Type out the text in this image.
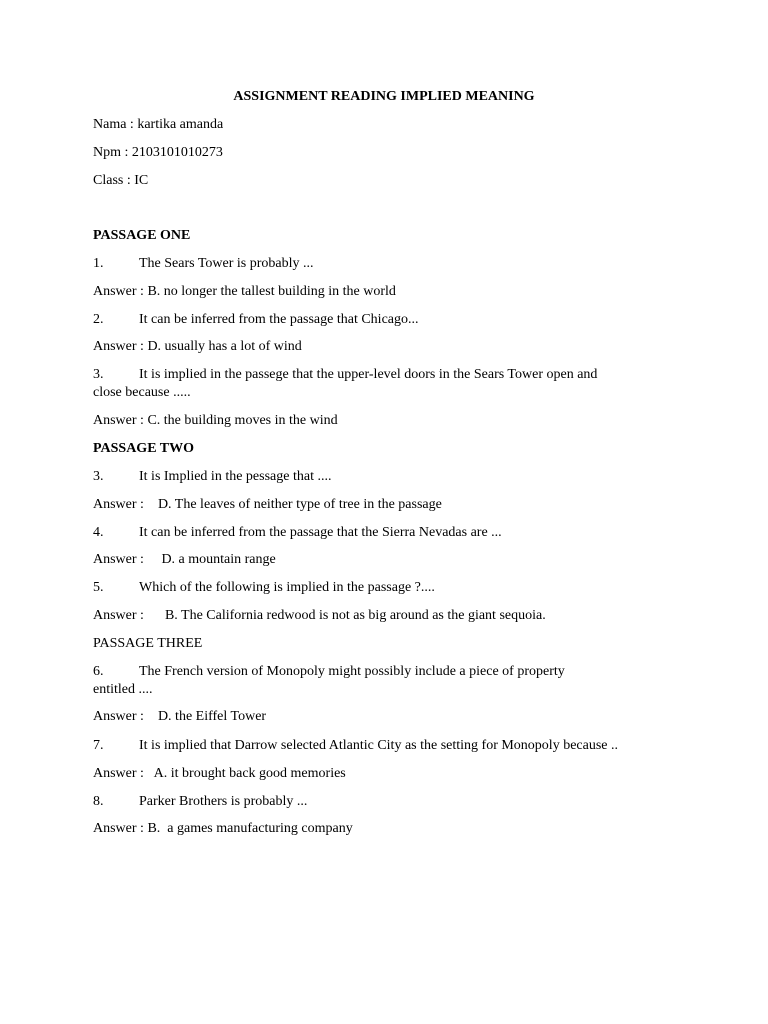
ASSIGNMENT READING IMPLIED MEANING
Nama : kartika amanda
Npm : 2103101010273
Class : IC
PASSAGE ONE
1.	The Sears Tower is probably ...
Answer : B. no longer the tallest building in the world
2.	It can be inferred from the passage that Chicago...
Answer : D. usually has a lot of wind
3.	It is implied in the passege that the upper-level doors in the Sears Tower open and
close because .....
Answer : C. the building moves in the wind
PASSAGE TWO
3.	It is Implied in the pessage that ....
Answer : D. The leaves of neither type of tree in the passage
4.	It can be inferred from the passage that the Sierra Nevadas are ...
Answer : D. a mountain range
5.	Which of the following is implied in the passage ?....
Answer : B. The California redwood is not as big around as the giant sequoia.
PASSAGE THREE
6.	The French version of Monopoly might possibly include a piece of property
entitled ....
Answer : D. the Eiffel Tower
7.	It is implied that Darrow selected Atlantic City as the setting for Monopoly because ..
Answer : A. it brought back good memories
8.	Parker Brothers is probably ...
Answer : B.  a games manufacturing company
